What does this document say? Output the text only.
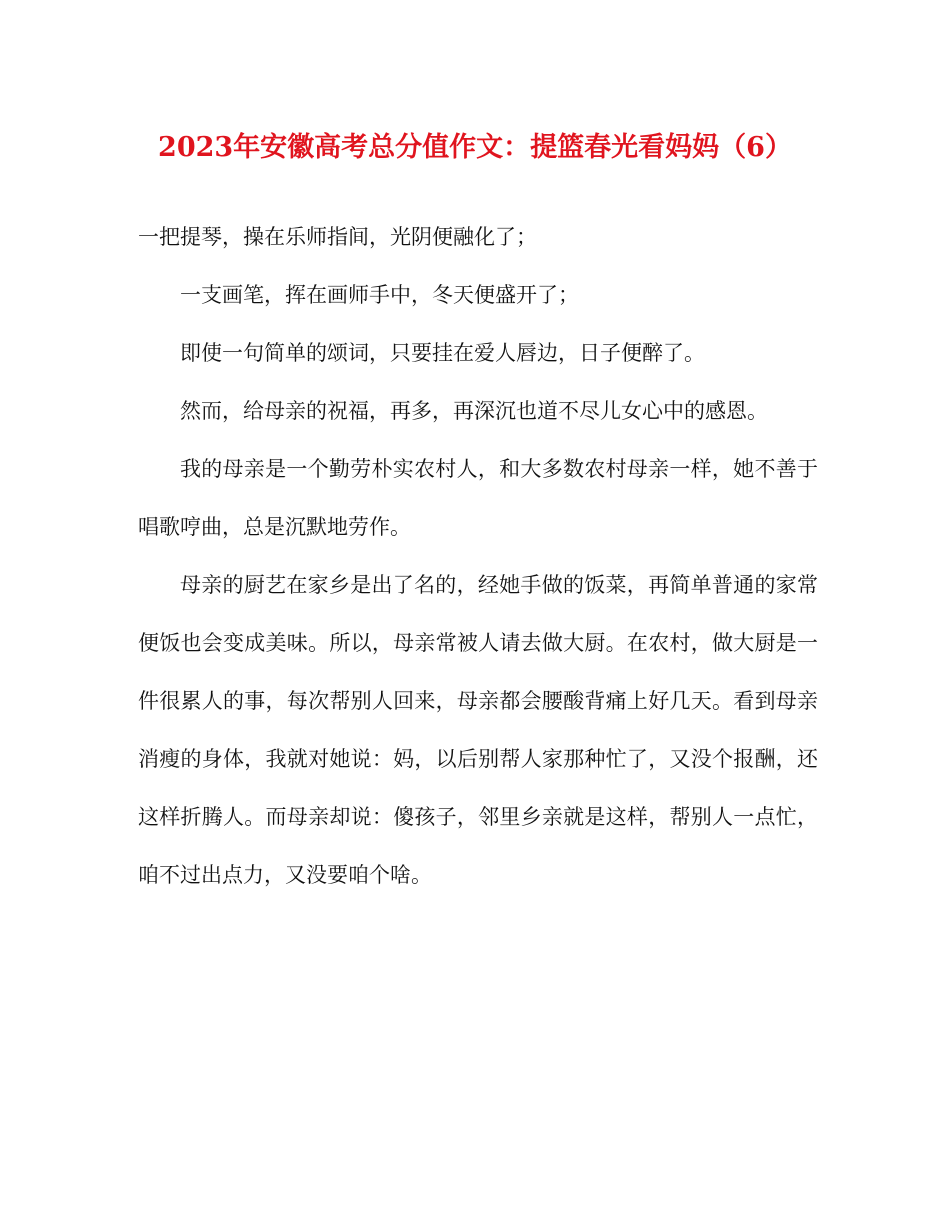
2023年安徽高考总分值作文：提篮春光看妈妈（6）

一把提琴，操在乐师指间，光阴便融化了；

一支画笔，挥在画师手中，冬天便盛开了；

即使一句简单的颂词，只要挂在爱人唇边，日子便醉了。

然而，给母亲的祝福，再多，再深沉也道不尽儿女心中的感恩。

我的母亲是一个勤劳朴实农村人，和大多数农村母亲一样，她不善于唱歌哼曲，总是沉默地劳作。

母亲的厨艺在家乡是出了名的，经她手做的饭菜，再简单普通的家常便饭也会变成美味。所以，母亲常被人请去做大厨。在农村，做大厨是一件很累人的事，每次帮别人回来，母亲都会腰酸背痛上好几天。看到母亲消瘦的身体，我就对她说：妈，以后别帮人家那种忙了，又没个报酬，还这样折腾人。而母亲却说：傻孩子，邻里乡亲就是这样，帮别人一点忙，咱不过出点力，又没要咱个啥。
